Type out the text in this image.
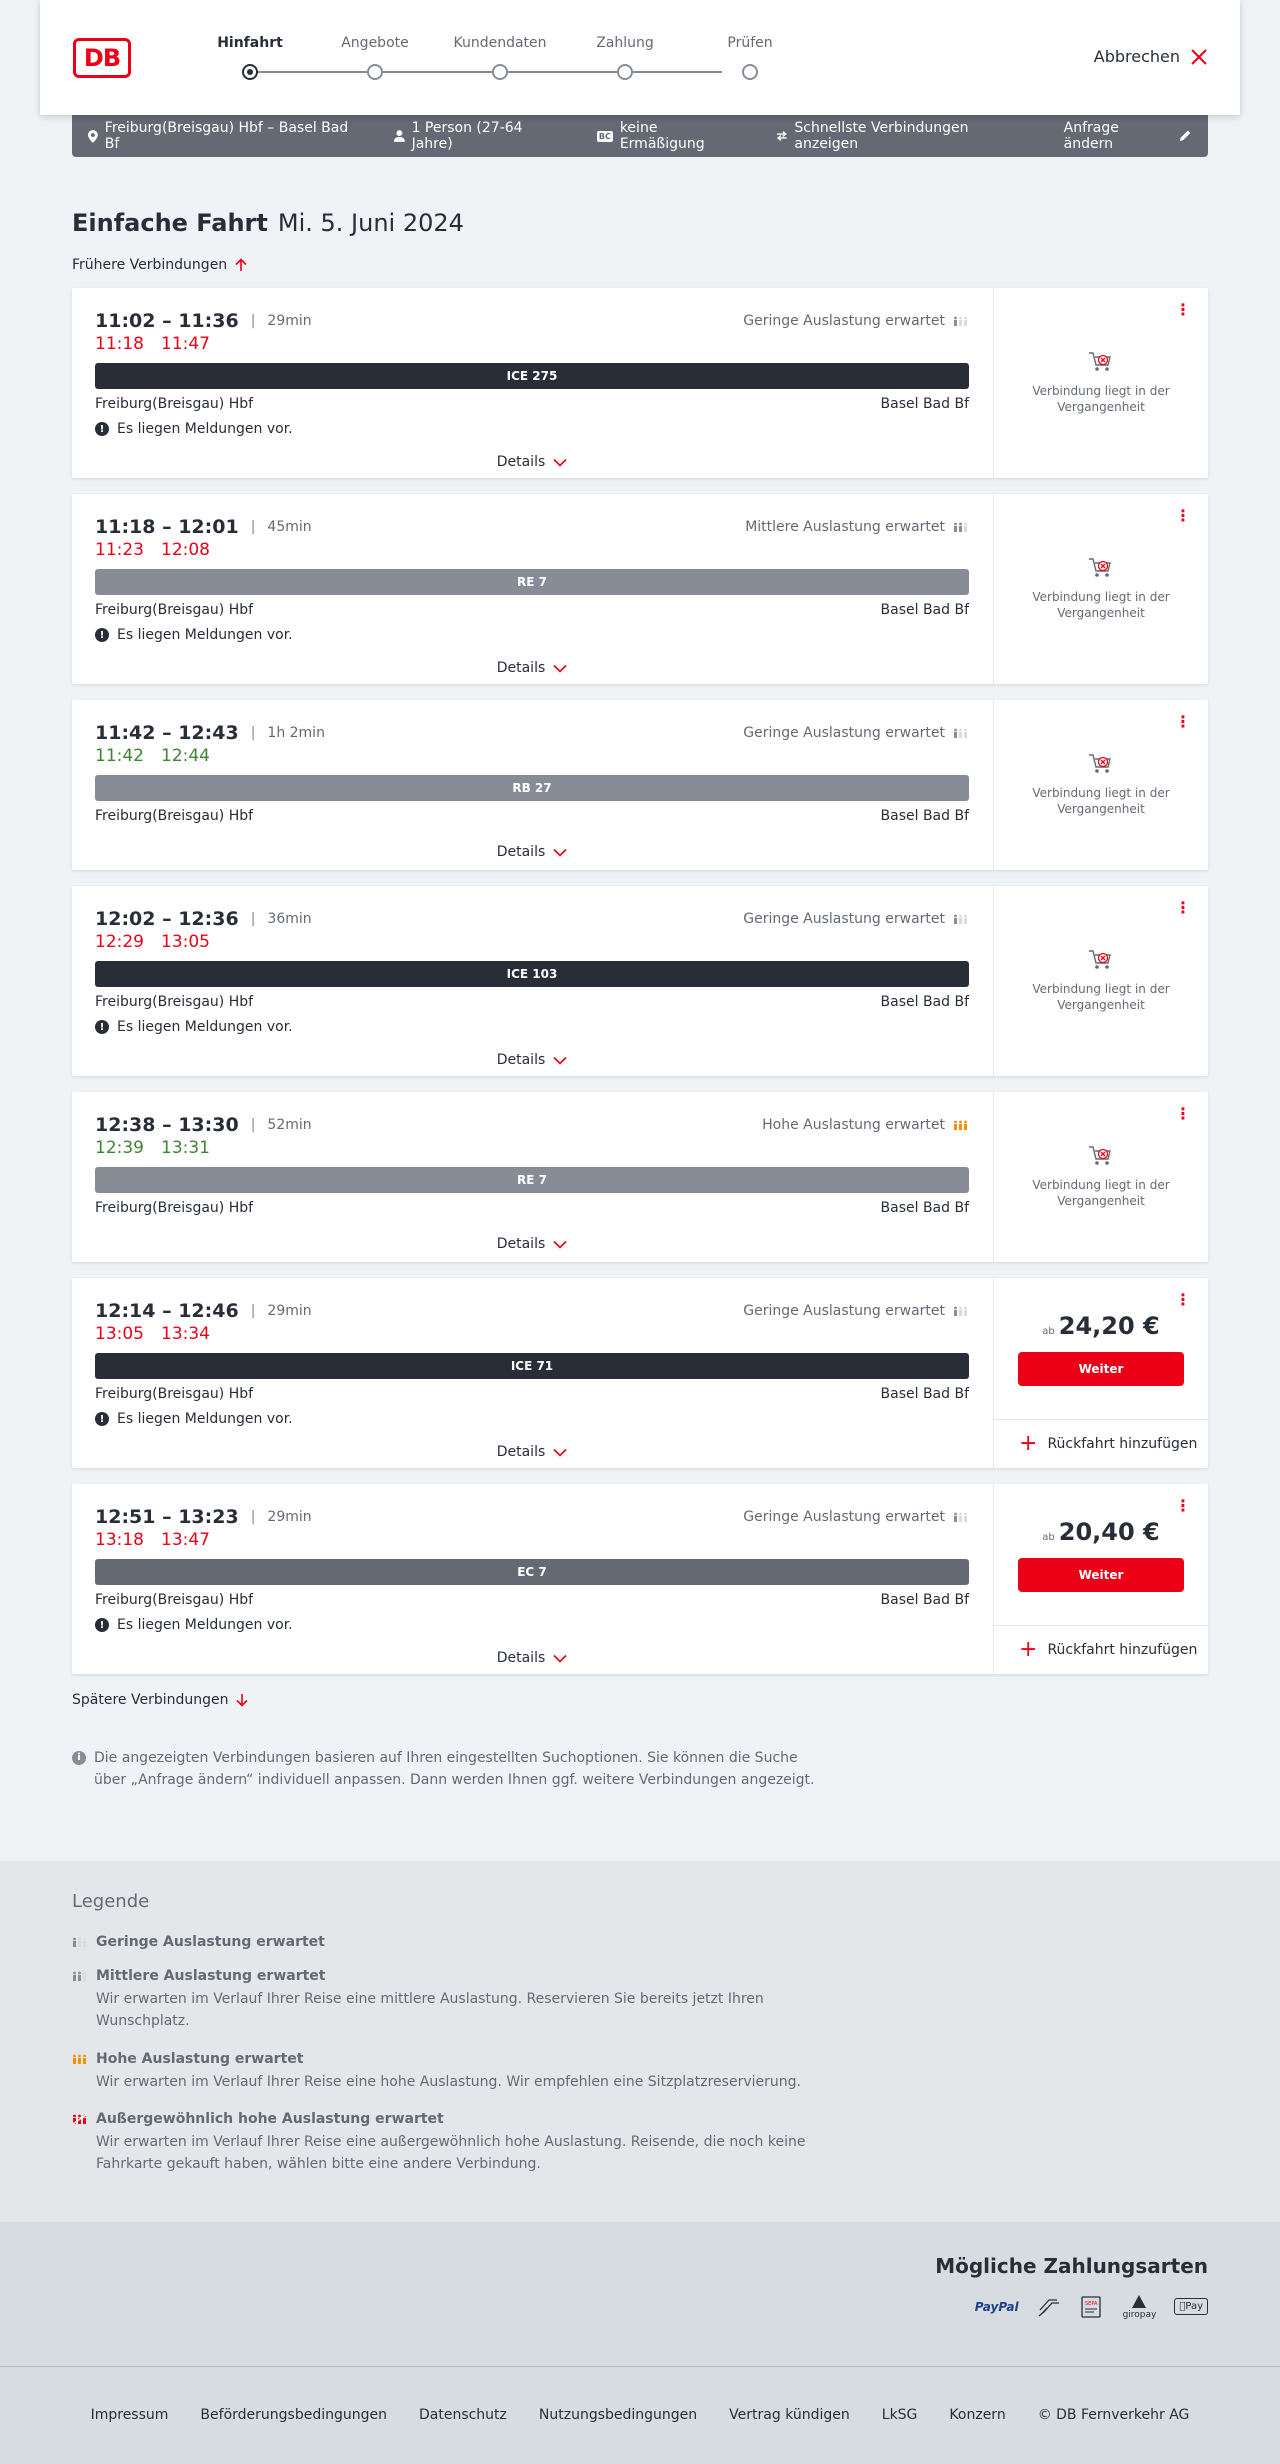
DB
Hinfahrt	Angebote	Kundendaten	Zahlung	Prüfen
Abbrechen
Freiburg(Breisgau) Hbf – Basel Bad Bf
1 Person (27-64 Jahre)	BC keine Ermäßigung
Schnellste Verbindungen anzeigen
Anfrage ändern
Einfache Fahrt Mi. 5. Juni 2024
Frühere Verbindungen
11:02 – 11:36 | 29min	Geringe Auslastung erwartet
11:18 11:47
ICE 275
Freiburg(Breisgau) Hbf	Basel Bad Bf
! Es liegen Meldungen vor.
Details
⋮
Verbindung liegt in der Vergangenheit
11:18 – 12:01 | 45min	Mittlere Auslastung erwartet
11:23 12:08
RE 7
Freiburg(Breisgau) Hbf	Basel Bad Bf
! Es liegen Meldungen vor.
Details
⋮
Verbindung liegt in der Vergangenheit
11:42 – 12:43 | 1h 2min	Geringe Auslastung erwartet
11:42 12:44
RB 27
Freiburg(Breisgau) Hbf	Basel Bad Bf
Details
⋮
Verbindung liegt in der Vergangenheit
12:02 – 12:36 | 36min	Geringe Auslastung erwartet
12:29 13:05
ICE 103
Freiburg(Breisgau) Hbf	Basel Bad Bf
! Es liegen Meldungen vor.
Details
⋮
Verbindung liegt in der Vergangenheit
12:38 – 13:30 | 52min	Hohe Auslastung erwartet
12:39 13:31
RE 7
Freiburg(Breisgau) Hbf	Basel Bad Bf
Details
⋮
Verbindung liegt in der Vergangenheit
12:14 – 12:46 | 29min	Geringe Auslastung erwartet
13:05 13:34
ICE 71
Freiburg(Breisgau) Hbf	Basel Bad Bf
! Es liegen Meldungen vor.
Details
⋮
ab 24,20 €
Weiter
+ Rückfahrt hinzufügen
12:51 – 13:23 | 29min	Geringe Auslastung erwartet
13:18 13:47
EC 7
Freiburg(Breisgau) Hbf	Basel Bad Bf
! Es liegen Meldungen vor.
Details
⋮
ab 20,40 €
Weiter
+ Rückfahrt hinzufügen
Spätere Verbindungen
i Die angezeigten Verbindungen basieren auf Ihren eingestellten Suchoptionen. Sie können die Suche über „Anfrage ändern“ individuell anpassen. Dann werden Ihnen ggf. weitere Verbindungen angezeigt.
Legende
Geringe Auslastung erwartet
Mittlere Auslastung erwartet
Wir erwarten im Verlauf Ihrer Reise eine mittlere Auslastung. Reservieren Sie bereits jetzt Ihren Wunschplatz.
Hohe Auslastung erwartet
Wir erwarten im Verlauf Ihrer Reise eine hohe Auslastung. Wir empfehlen eine Sitzplatzreservierung.
Außergewöhnlich hohe Auslastung erwartet
Wir erwarten im Verlauf Ihrer Reise eine außergewöhnlich hohe Auslastung. Reisende, die noch keine Fahrkarte gekauft haben, wählen bitte eine andere Verbindung.
Mögliche Zahlungsarten
PayPal	SEPA
giropay
Pay
Impressum Beförderungsbedingungen Datenschutz Nutzungsbedingungen Vertrag kündigen LkSG Konzern © DB Fernverkehr AG
